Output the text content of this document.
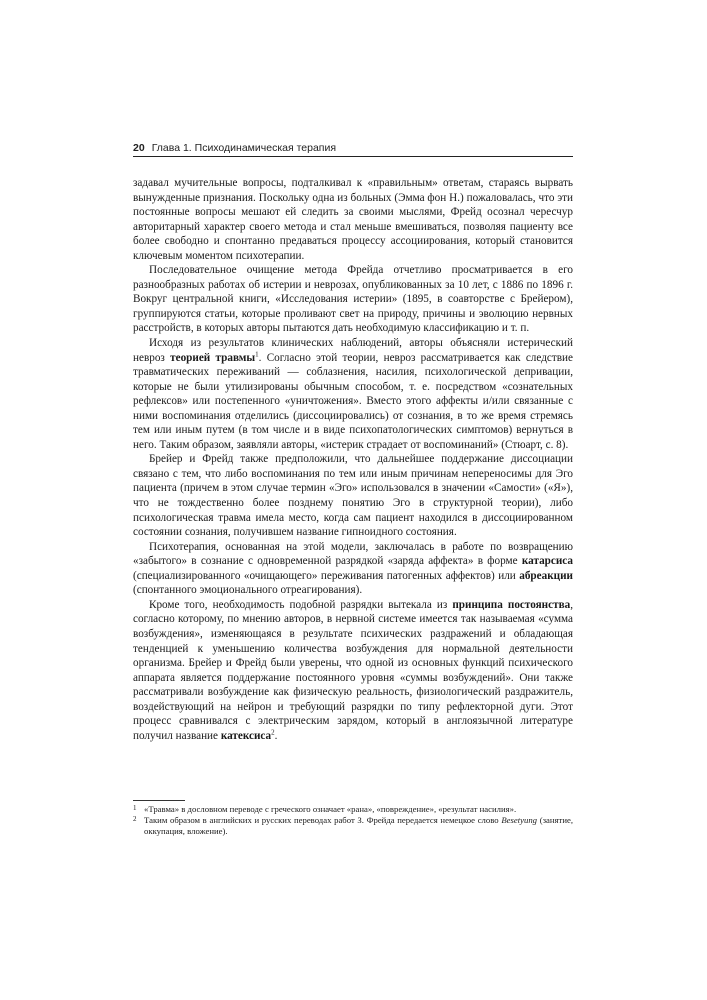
20 Глава 1. Психодинамическая терапия

задавал мучительные вопросы, подталкивал к «правильным» ответам, стараясь вырвать вынужденные признания. Поскольку одна из больных (Эмма фон Н.) пожаловалась, что эти постоянные вопросы мешают ей следить за своими мыслями, Фрейд осознал чересчур авторитарный характер своего метода и стал меньше вмешиваться, позволяя пациенту все более свободно и спонтанно предаваться процессу ассоциирования, который становится ключевым моментом психотерапии.

Последовательное очищение метода Фрейда отчетливо просматривается в его разнообразных работах об истерии и неврозах, опубликованных за 10 лет, с 1886 по 1896 г. Вокруг центральной книги, «Исследования истерии» (1895, в соавторстве с Брейером), группируются статьи, которые проливают свет на природу, причины и эволюцию нервных расстройств, в которых авторы пытаются дать необходимую классификацию и т. п.

Исходя из результатов клинических наблюдений, авторы объясняли истерический невроз теорией травмы$^1$. Согласно этой теории, невроз рассматривается как следствие травматических переживаний — соблазнения, насилия, психологической депривации, которые не были утилизированы обычным способом, т. е. посредством «сознательных рефлексов» или постепенного «уничтожения». Вместо этого аффекты и/или связанные с ними воспоминания отделились (диссоциировались) от сознания, в то же время стремясь тем или иным путем (в том числе и в виде психопатологических симптомов) вернуться в него. Таким образом, заявляли авторы, «истерик страдает от воспоминаний» (Стюарт, с. 8).

Брейер и Фрейд также предположили, что дальнейшее поддержание диссоциации связано с тем, что либо воспоминания по тем или иным причинам непереносимы для Эго пациента (причем в этом случае термин «Эго» использовался в значении «Самости» («Я»), что не тождественно более позднему понятию Эго в структурной теории), либо психологическая травма имела место, когда сам пациент находился в диссоциированном состоянии сознания, получившем название гипноидного состояния.

Психотерапия, основанная на этой модели, заключалась в работе по возвращению «забытого» в сознание с одновременной разрядкой «заряда аффекта» в форме катарсиса (специализированного «очищающего» переживания патогенных аффектов) или абреакции (спонтанного эмоционального отреагирования).

Кроме того, необходимость подобной разрядки вытекала из принципа постоянства, согласно которому, по мнению авторов, в нервной системе имеется так называемая «сумма возбуждения», изменяющаяся в результате психических раздражений и обладающая тенденцией к уменьшению количества возбуждения для нормальной деятельности организма. Брейер и Фрейд были уверены, что одной из основных функций психического аппарата является поддержание постоянного уровня «суммы возбуждений». Они также рассматривали возбуждение как физическую реальность, физиологический раздражитель, воздействующий на нейрон и требующий разрядки по типу рефлекторной дуги. Этот процесс сравнивался с электрическим зарядом, который в англоязычной литературе получил название катексиса$^2$.

1 «Травма» в дословном переводе с греческого означает «рана», «повреждение», «результат насилия».
2 Таким образом в английских и русских переводах работ З. Фрейда передается немецкое слово Besetyung (занятие, оккупация, вложение).
